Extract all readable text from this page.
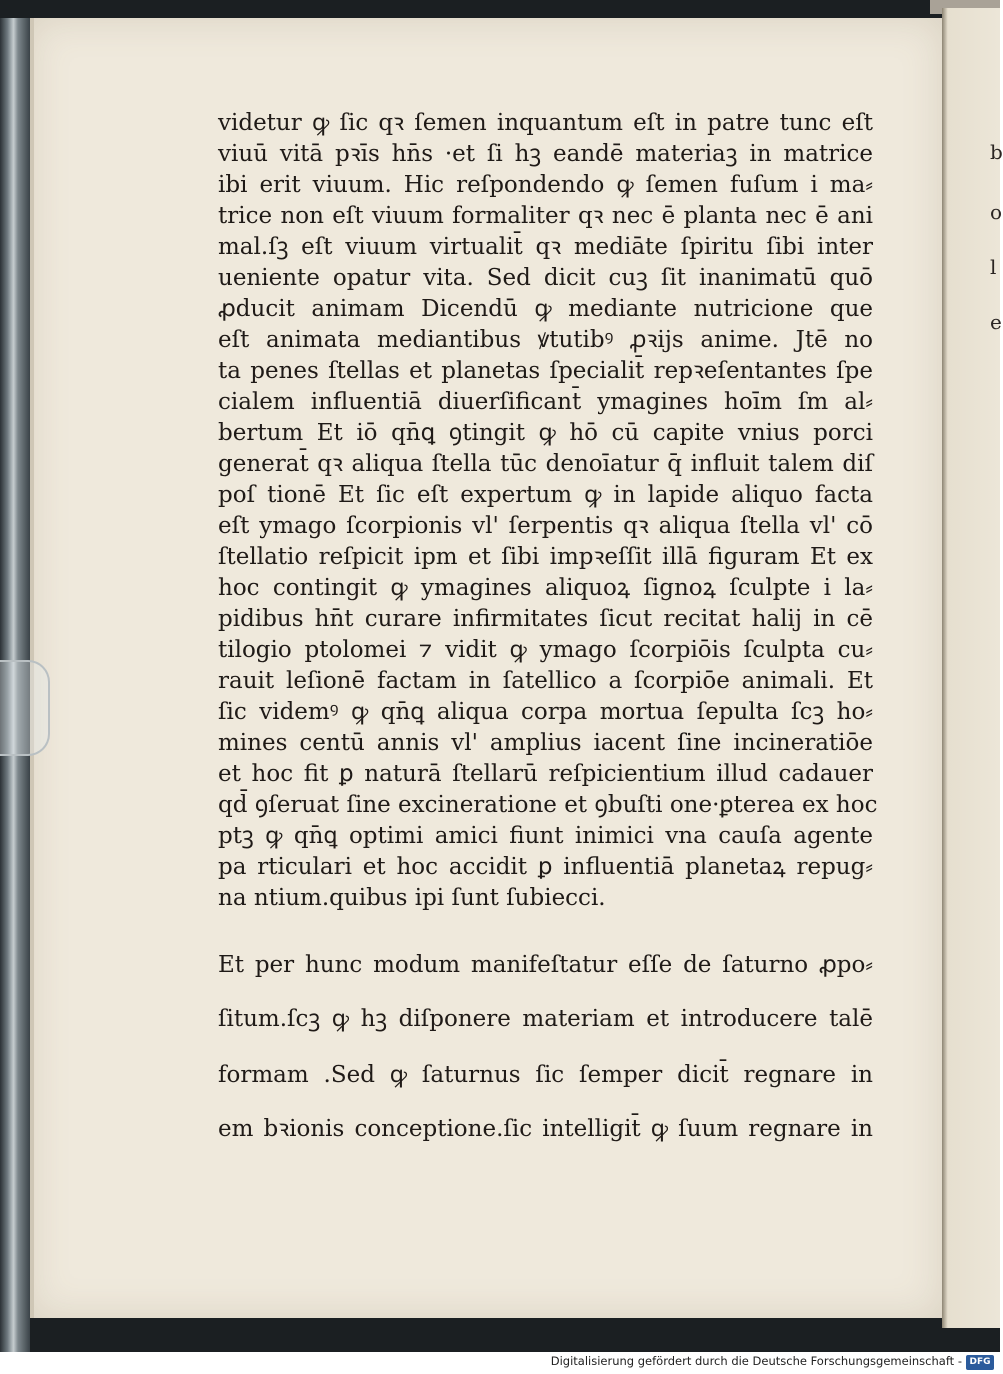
b
o
l
e
videtur ꝙ ſic qꝛ ſemen inquantum eſt in patre tunc eſt
viuū vitā pꝛīs hn̄s ·et ſi hꝫ eandē materiaꝫ in matrice
ibi erit viuum. Hic reſpondendo ꝙ ſemen fuſum i ma⸗
trice non eſt viuum formaliter qꝛ nec ē planta nec ē ani
mal.ſꝫ eſt viuum virtualit̄ qꝛ mediāte ſpiritu ſibi inter
ueniente opatur vita. Sed dicit cuꝫ ſit inanimatū quō
ꝓducit animam Dicendū ꝙ mediante nutricione que
eſt animata mediantibus ꝟtutibꝰ ꝓꝛijs anime. Jtē no
ta penes ſtellas et planetas ſpecialit̄ repꝛeſentantes ſpe
cialem influentiā diuerſificant̄ ymagines hoīm ſm al⸗
bertum Et iō qn̄ꝗ ꝯtingit ꝙ hō cū capite vnius porci
generat̄ qꝛ aliqua ſtella tūc denoīatur q̄ influit talem diſ
poſ tionē Et ſic eſt expertum ꝙ in lapide aliquo facta
eſt ymago ſcorpionis vl' ſerpentis qꝛ aliqua ſtella vl' cō
ſtellatio reſpicit ipm et ſibi impꝛeſſit illā figuram Et ex
hoc contingit ꝙ ymagines aliquoꝝ ſignoꝝ ſculpte i la⸗
pidibus hn̄t curare infirmitates ſicut recitat halij in cē
tilogio ptolomei ⁊ vidit ꝙ ymago ſcorpiōis ſculpta cu⸗
rauit leſionē factam in ſatellico a ſcorpiōe animali. Et
ſic videmꝰ ꝙ qn̄ꝗ aliqua corpa mortua ſepulta ſcꝫ ho⸗
mines centū annis vl' amplius iacent ſine incineratiōe
et hoc fit ꝑ naturā ſtellarū reſpicientium illud cadauer
qd̄ ꝯſeruat ſine excineratione et ꝯbuſti one·ꝑterea ex hoc
ptꝫ ꝙ qn̄ꝗ optimi amici fiunt inimici vna cauſa agente
pa rticulari et hoc accidit ꝑ influentiā planetaꝝ repug⸗
na ntium.quibus ipi ſunt ſubiecci.
Et per hunc modum manifeſtatur eſſe de ſaturno ꝓpo⸗
ſitum.ſcꝫ ꝙ hꝫ diſponere materiam et introducere talē
formam .Sed ꝙ ſaturnus ſic ſemper dicit̄ regnare in
em bꝛionis conceptione.ſic intelligit̄ ꝙ ſuum regnare in
Digitalisierung gefördert durch die Deutsche Forschungsgemeinschaft - DFG
